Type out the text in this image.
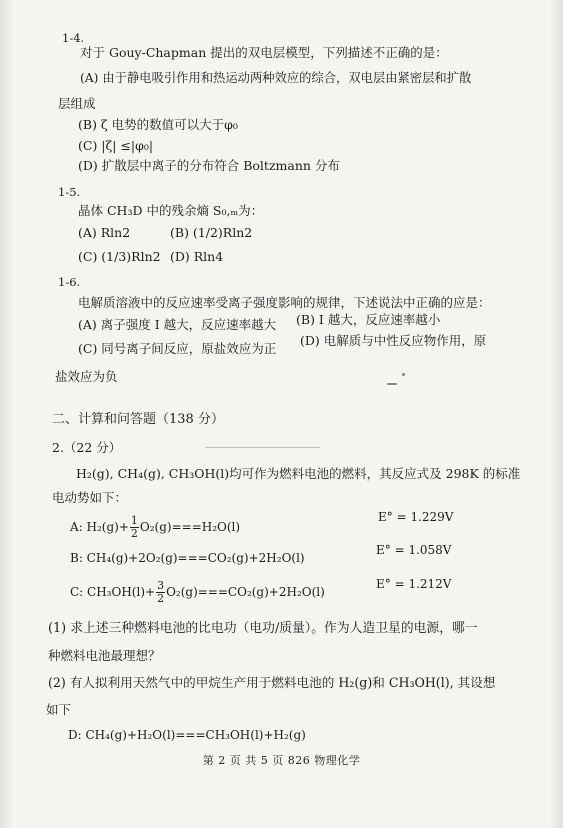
1-4.
对于 Gouy-Chapman 提出的双电层模型，下列描述不正确的是：
(A) 由于静电吸引作用和热运动两种效应的综合，双电层由紧密层和扩散
层组成
(B) ζ 电势的数值可以大于φ₀
(C) |ζ| ≤|φ₀|
(D) 扩散层中离子的分布符合 Boltzmann 分布
1-5.
晶体 CH₃D 中的残余熵 S₀,ₘ为：
(A) Rln2	(B) (1/2)Rln2
(C) (1/3)Rln2 (D) Rln4
1-6.
电解质溶液中的反应速率受离子强度影响的规律，下述说法中正确的应是：
(A) 离子强度 I 越大，反应速率越大 (B) I 越大，反应速率越小
(C) 同号离子间反应，原盐效应为正
(D) 电解质与中性反应物作用，原
盐效应为负
二、计算和问答题（138 分）
2.（22 分）
H₂(g), CH₄(g), CH₃OH(l)均可作为燃料电池的燃料，其反应式及 298K 的标准
电动势如下：
A: $H_2(g)+ \frac{1}{2} O_2(g)===H_2O(l)$
E° = 1.229V
B: CH₄(g)+2O₂(g)===CO₂(g)+2H₂O(l)
E° = 1.058V
C: $CH_3OH(l)+ \frac{3}{2} O_2(g)===CO_2(g)+2H_2O(l)$
E° = 1.212V
(1) 求上述三种燃料电池的比电功（电功/质量）。作为人造卫星的电源，哪一
种燃料电池最理想？
(2) 有人拟利用天然气中的甲烷生产用于燃料电池的 H₂(g)和 CH₃OH(l), 其设想
如下
D: CH₄(g)+H₂O(l)===CH₃OH(l)+H₂(g)
第 2 页 共 5 页 826 物理化学
